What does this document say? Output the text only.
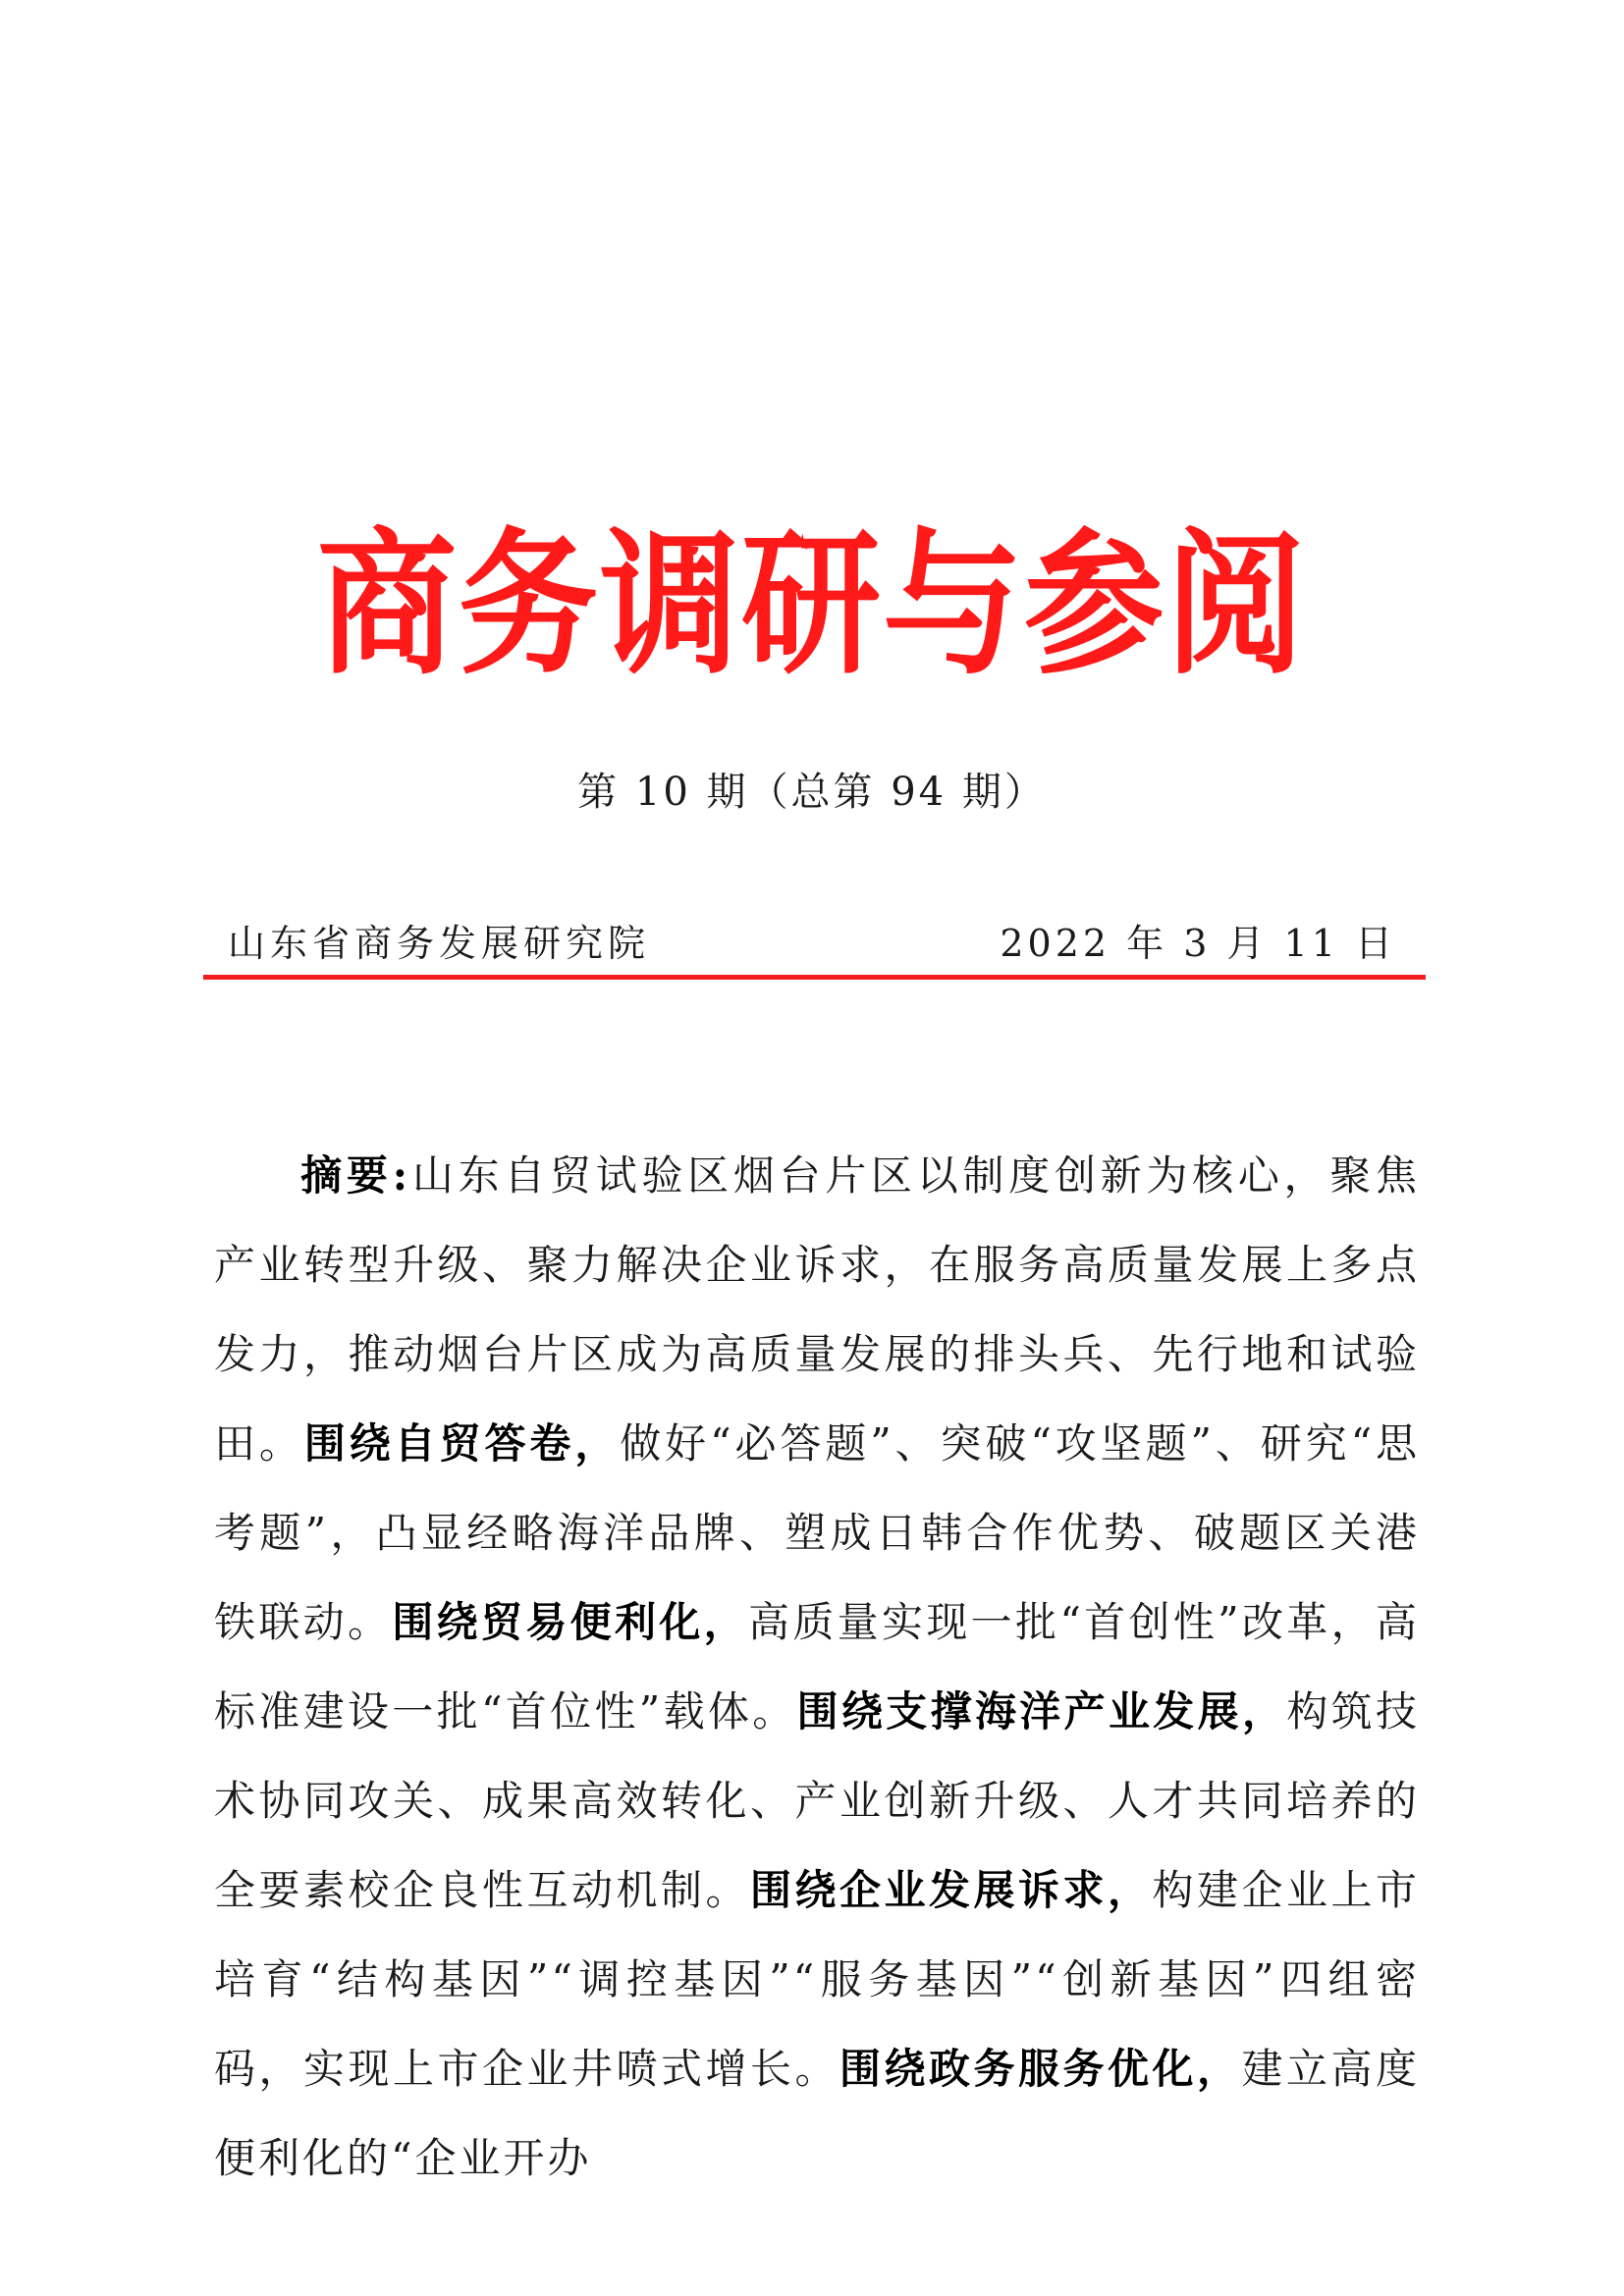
商务调研与参阅
第 10 期（总第 94 期）
山东省商务发展研究院	2022 年 3 月 11 日

摘要:山东自贸试验区烟台片区以制度创新为核心，聚焦产业转型升级、聚力解决企业诉求，在服务高质量发展上多点发力，推动烟台片区成为高质量发展的排头兵、先行地和试验田。围绕自贸答卷，做好“必答题”、突破“攻坚题”、研究“思考题”，凸显经略海洋品牌、塑成日韩合作优势、破题区关港铁联动。围绕贸易便利化，高质量实现一批“首创性”改革，高标准建设一批“首位性”载体。围绕支撑海洋产业发展，构筑技术协同攻关、成果高效转化、产业创新升级、人才共同培养的全要素校企良性互动机制。围绕企业发展诉求，构建企业上市培育“结构基因”“调控基因”“服务基因”“创新基因”四组密码，实现上市企业井喷式增长。围绕政务服务优化，建立高度便利化的“企业开办
